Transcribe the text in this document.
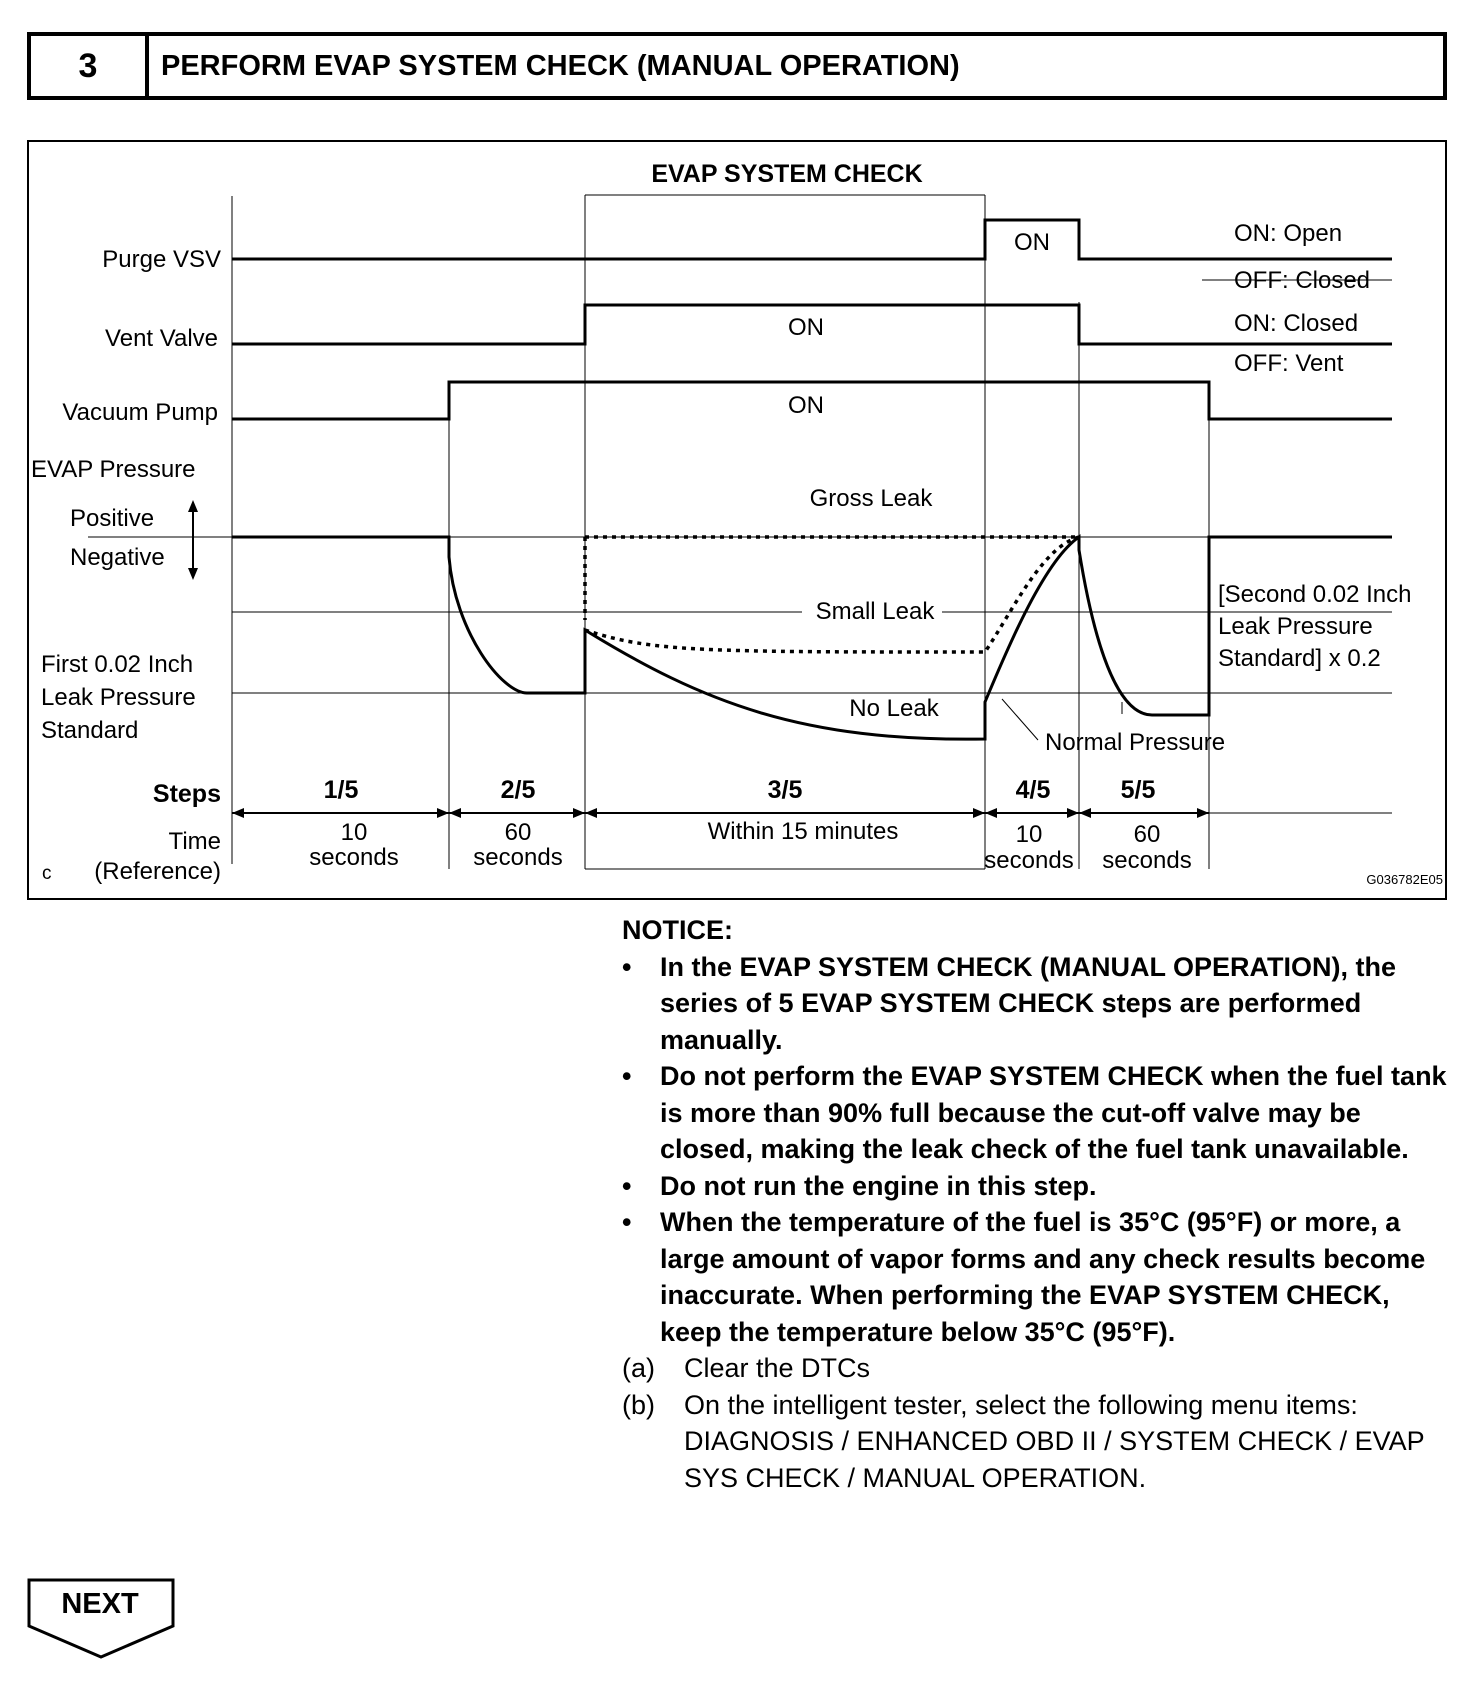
3	PERFORM EVAP SYSTEM CHECK (MANUAL OPERATION)
EVAP SYSTEM CHECK
Purge VSV
Vent Valve
Vacuum Pump
EVAP Pressure
Positive
Negative
First 0.02 Inch
Leak Pressure
Standard
ON
ON
ON
ON: Open
OFF: Closed
ON: Closed
OFF: Vent
Gross Leak
Small Leak
No Leak
Normal Pressure
[Second 0.02 Inch
Leak Pressure
Standard] x 0.2
Steps
Time
(Reference)
c	G036782E05
1/5	2/5	3/5	4/5	5/5
10
seconds
60
seconds
Within 15 minutes	10
seconds
60
seconds

NOTICE:

• In the EVAP SYSTEM CHECK (MANUAL OPERATION), the series of 5 EVAP SYSTEM CHECK steps are performed manually.
• Do not perform the EVAP SYSTEM CHECK when the fuel tank is more than 90% full because the cut-off valve may be closed, making the leak check of the fuel tank unavailable.
• Do not run the engine in this step.
• When the temperature of the fuel is 35°C (95°F) or more, a large amount of vapor forms and any check results become inaccurate. When performing the EVAP SYSTEM CHECK, keep the temperature below 35°C (95°F).
(a) Clear the DTCs
(b) On the intelligent tester, select the following menu items: DIAGNOSIS / ENHANCED OBD II / SYSTEM CHECK / EVAP SYS CHECK / MANUAL OPERATION.
NEXT
